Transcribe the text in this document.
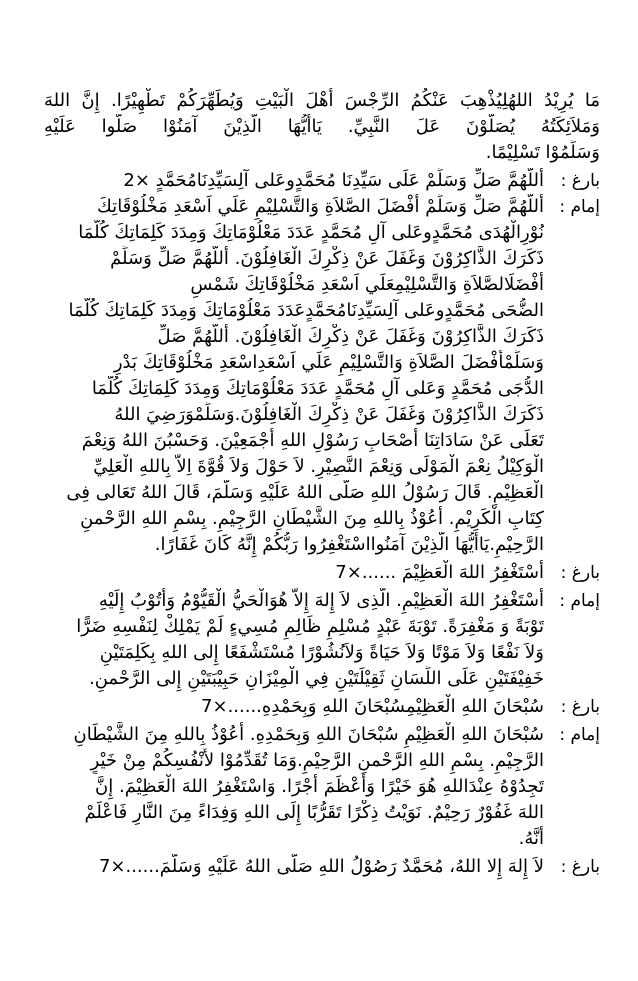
مَا يُرِيْدُ اللهُلِيُذْهِبَ عَنْكُمُ الرِّجْسَ أَهْلَ الْبَيْتِ وَيُطَهِّرَكُمْ تَطْهِيْرًا. إِنَّ اللهَ
وَمَلاَئِكَتُهُ يُصَلُّوْنَ عَلَ النَّبِيِّ. يَاأَيُّهَا الَّذِيْنَ آمَنُوْا صَلُّوا عَلَيْهِ
وَسَلِّمُوْا تَسْلِيْمًا.
بارغ :
أَللّهُمَّ صَلِّ وَسَلِّمْ عَلَى سَيِّدِنَا مُحَمَّدٍوعَلى آلِسَيِّدِنَامُحَمَّدٍ ×2
إمام :
أَللّهُمَّ صَلِّ وَسَلِّمْ أَفْضَلَ الصَّلاَةِ وَالتَّسْلِيْمِ عَلَي اَسْعَدِ مَخْلُوْقَاتِكَ
نُوْرِالْهُدَى مُحَمَّدٍوعَلى آلِ مُحَمَّدٍ عَدَدَ مَعْلُوْمَاتِكَ وَمِدَدَ كَلِمَاتِكَ كُلَّمَا
ذَكَرَكَ الذَّاكِرُوْنَ وَغَفَلَ عَنْ ذِكْرِكَ الْغَافِلُوْنَ. أَللّهُمَّ صَلِّ وَسَلِّمْ
أَفْضَلَالصَّلاَةِ وَالتَّسْلِيْمِعَلَي اَسْعَدِ مَخْلُوْقَاتِكَ شَمْسِ
الضُّحَى مُحَمَّدٍوعَلى آلِسَيِّدِنَامُحَمَّدٍعَدَدَ مَعْلُوْمَاتِكَ وَمِدَدَ كَلِمَاتِكَ كُلَّمَا
ذَكَرَكَ الذَّاكِرُوْنَ وَغَفَلَ عَنْ ذِكْرِكَ الْغَافِلُوْنَ. أَللّهُمَّ صَلِّ
وَسَلِّمْأَفْضَلَ الصَّلاَةِ وَالتَّسْلِيْمِ عَلَي اَسْعَدِاسْعَدِ مَخْلُوْقَاتِكَ بَدْرِ
الدُّجَى مُحَمَّدٍ وَعَلى آلِ مُحَمَّدٍ عَدَدَ مَعْلُوْمَاتِكَ وَمِدَدَ كَلِمَاتِكَ كُلَّمَا
ذَكَرَكَ الذَّاكِرُوْنَ وَغَفَلَ عَنْ ذِكْرِكَ الْغَافِلُوْنَ.وَسَلِّمْوَرَضِيَ اللهُ
تَعَلَى عَنْ سَادَاتِنَا أَصْحَابِ رَسُوْلِ اللهِ أَجْمَعِيْنَ. وَحَسْبُنَ اللهُ وَنِعْمَ
الْوَكِيْلُ نِعْمَ الْمَوْلَى وَنِعْمَ النَّصِيْرِ. لاَ حَوْلَ وَلاَ قُوَّةَ اِلاَّ بِاللهِ الْعَلِيِّ
الْعَظِيْمِ. قَالَ رَسُوْلُ اللهِ صَلَّى اللهُ عَلَيْهِ وَسَلَّمَ، قَالَ اللهُ تَعَالى فِى
كِتَابِ الْكَرِيْمِ. أَعُوْذُ بِاللهِ مِنَ الشَّيْطَانِ الرَّجِيْمِ. بِسْمِ اللهِ الرَّحْمنِ
الرَّحِيْمِ.يَاأَيُّهَا الَّذِيْنَ آمَنُوااسْتَغْفِرُوا رَبُّكُمْ إِنَّهُ كَانَ غَفَارًا.
بارغ :
أَسْتَغْفِرُ اللهَ الْعَظِيْمَ ......×7
إمام :
أَسْتَغْفِرُ اللهَ الْعَظِيْمِ. الَّذِى لاَ إِلهَ إِلاَّ هُوَالْحَيُّ الْقَيُّوْمُ وَأَتُوْبُ إِلَيْهِ
تَوْبَةً وَ مَغْفِرَةً. تَوْبَةَ عَبْدٍ مُسْلِمٍ ظَالِمٍ مُسِيءٍ لَمْ يَمْلِكْ لِنَفْسِهِ ضَرًّا
وَلاَ نَفْعًا وَلاَ مَوْتًا وَلاَ حَيَاةً وَلاَنُشُوْرًا مُسْتَشْفَعًا إِلى اللهِ بِكَلِمَتَيْنِ
خَفِيْفَتَيْنِ عَلَى اللِّسَانِ ثَقِيْلَتَيْنِ فِي الْمِيْزَانِ حَبِيْبَتَيْنِ إِلى الرَّحْمنِ.
بارغ :
سُبْحَانَ اللهِ الْعَظِيْمِسُبْحَانَ اللهِ وَبِحَمْدِهِ......×7
إمام :
سُبْحَانَ اللهِ الْعَظِيْمِ سُبْحَانَ اللهِ وَبِحَمْدِهِ. أَعُوْذُ بِاللهِ مِنَ الشَّيْطَانِ
الرَّجِيْمِ. بِسْمِ اللهِ الرَّحْمنِ الرَّحِيْمِ.وَمَا تُقَدِّمُوْا لأَنْفُسِكُمْ مِنْ خَيْرٍ
تَجِدُوْهُ عِنْدَاللهِ هُوَ خَيْرًا وَأَعْظَمَ أَجْرًا. وَاسْتَغْفِرُ اللهَ الْعَظِيْمَ. إِنَّ
اللهَ غَفُوْرٌ رَحِيْمٌ. نَوَيْتُ ذِكْرًا تَقَرُّبًا إِلَى اللهِ وَفِدَاءً مِنَ النَّارِ فَاعْلَمْ
أَنَّهُ.
بارغ :
لاَ إِلهَ إِلا اللهُ، مُحَمَّدٌ رَصُوْلُ اللهِ صَلَّى اللهُ عَلَيْهِ وَسَلَّمَ......×7
